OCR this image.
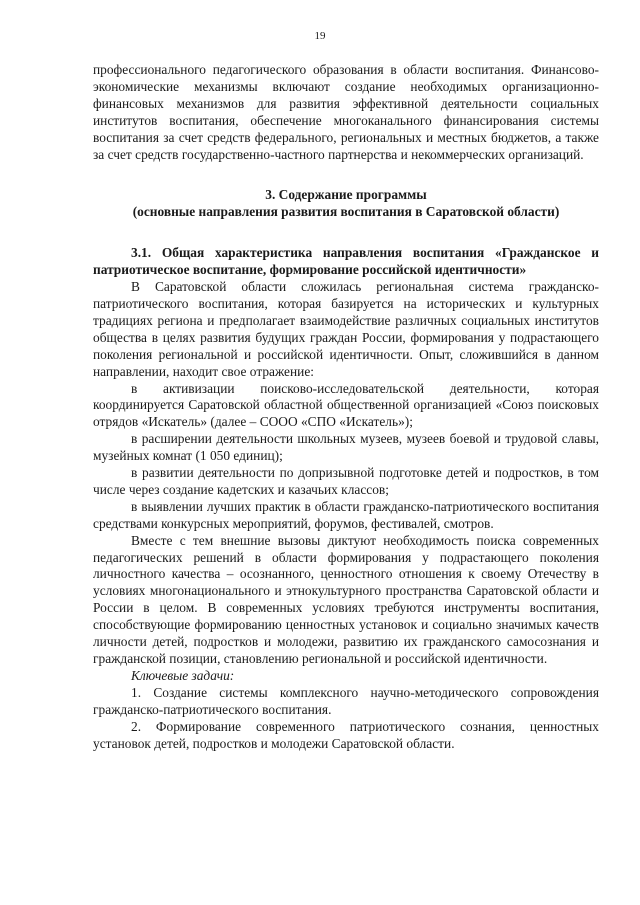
19

профессионального педагогического образования в области воспитания. Финансово-экономические механизмы включают создание необходимых организационно-финансовых механизмов для развития эффективной деятельности социальных институтов воспитания, обеспечение многоканального финансирования системы воспитания за счет средств федерального, региональных и местных бюджетов, а также за счет средств государственно-частного партнерства и некоммерческих организаций.

3. Содержание программы
(основные направления развития воспитания в Саратовской области)

3.1. Общая характеристика направления воспитания «Гражданское и патриотическое воспитание, формирование российской идентичности»

В Саратовской области сложилась региональная система гражданско-патриотического воспитания, которая базируется на исторических и культурных традициях региона и предполагает взаимодействие различных социальных институтов общества в целях развития будущих граждан России, формирования у подрастающего поколения региональной и российской идентичности. Опыт, сложившийся в данном направлении, находит свое отражение:

в активизации поисково-исследовательской деятельности, которая координируется Саратовской областной общественной организацией «Союз поисковых отрядов «Искатель» (далее – СООО «СПО «Искатель»);

в расширении деятельности школьных музеев, музеев боевой и трудовой славы, музейных комнат (1 050 единиц);

в развитии деятельности по допризывной подготовке детей и подростков, в том числе через создание кадетских и казачьих классов;

в выявлении лучших практик в области гражданско-патриотического воспитания средствами конкурсных мероприятий, форумов, фестивалей, смотров.

Вместе с тем внешние вызовы диктуют необходимость поиска современных педагогических решений в области формирования у подрастающего поколения личностного качества – осознанного, ценностного отношения к своему Отечеству в условиях многонационального и этнокультурного пространства Саратовской области и России в целом. В современных условиях требуются инструменты воспитания, способствующие формированию ценностных установок и социально значимых качеств личности детей, подростков и молодежи, развитию их гражданского самосознания и гражданской позиции, становлению региональной и российской идентичности.

Ключевые задачи:

1. Создание системы комплексного научно-методического сопровождения гражданско-патриотического воспитания.

2. Формирование современного патриотического сознания, ценностных установок детей, подростков и молодежи Саратовской области.
